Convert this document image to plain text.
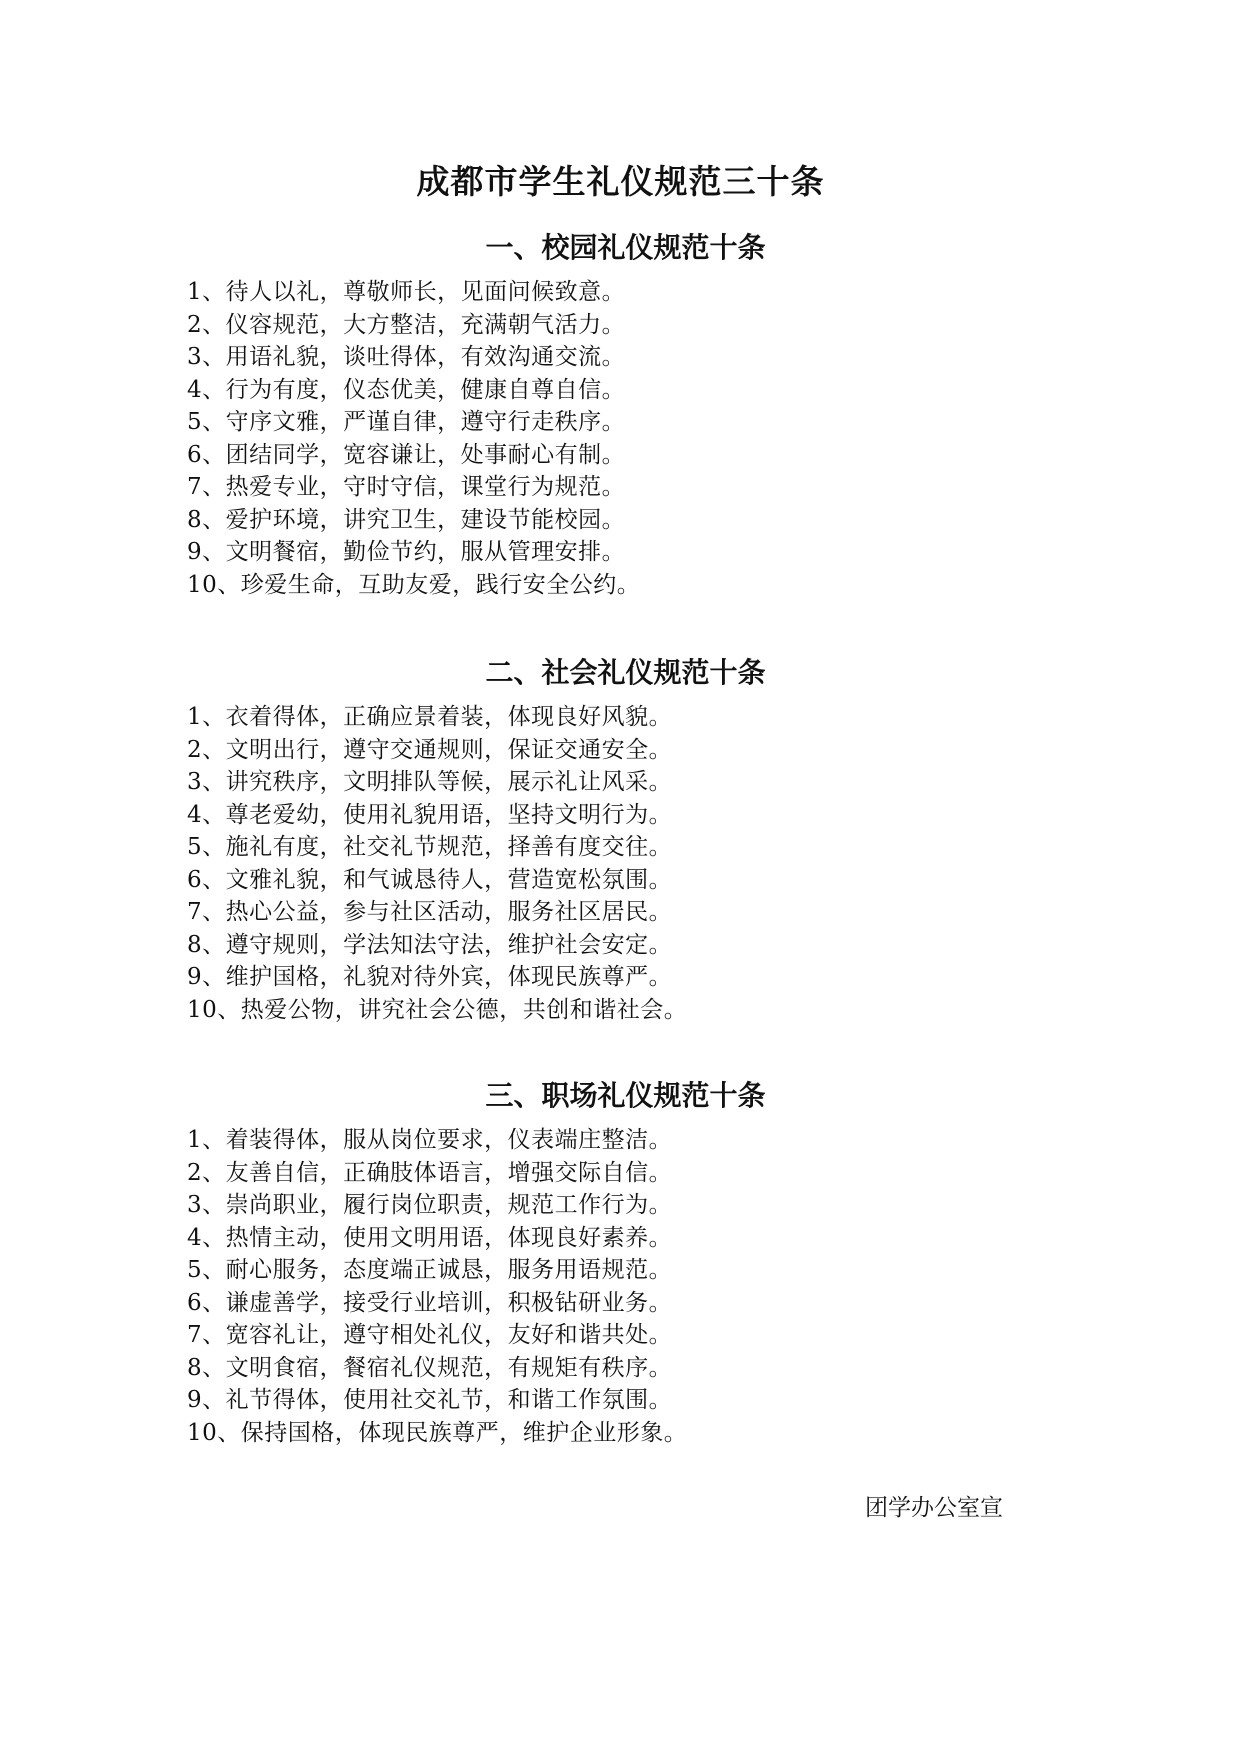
成都市学生礼仪规范三十条
一、校园礼仪规范十条
1、待人以礼，尊敬师长，见面问候致意。
2、仪容规范，大方整洁，充满朝气活力。
3、用语礼貌，谈吐得体，有效沟通交流。
4、行为有度，仪态优美，健康自尊自信。
5、守序文雅，严谨自律，遵守行走秩序。
6、团结同学，宽容谦让，处事耐心有制。
7、热爱专业，守时守信，课堂行为规范。
8、爱护环境，讲究卫生，建设节能校园。
9、文明餐宿，勤俭节约，服从管理安排。
10、珍爱生命，互助友爱，践行安全公约。
二、社会礼仪规范十条
1、衣着得体，正确应景着装，体现良好风貌。
2、文明出行，遵守交通规则，保证交通安全。
3、讲究秩序，文明排队等候，展示礼让风采。
4、尊老爱幼，使用礼貌用语，坚持文明行为。
5、施礼有度，社交礼节规范，择善有度交往。
6、文雅礼貌，和气诚恳待人，营造宽松氛围。
7、热心公益，参与社区活动，服务社区居民。
8、遵守规则，学法知法守法，维护社会安定。
9、维护国格，礼貌对待外宾，体现民族尊严。
10、热爱公物，讲究社会公德，共创和谐社会。
三、职场礼仪规范十条
1、着装得体，服从岗位要求，仪表端庄整洁。
2、友善自信，正确肢体语言，增强交际自信。
3、崇尚职业，履行岗位职责，规范工作行为。
4、热情主动，使用文明用语，体现良好素养。
5、耐心服务，态度端正诚恳，服务用语规范。
6、谦虚善学，接受行业培训，积极钻研业务。
7、宽容礼让，遵守相处礼仪，友好和谐共处。
8、文明食宿，餐宿礼仪规范，有规矩有秩序。
9、礼节得体，使用社交礼节，和谐工作氛围。
10、保持国格，体现民族尊严，维护企业形象。
团学办公室宣
